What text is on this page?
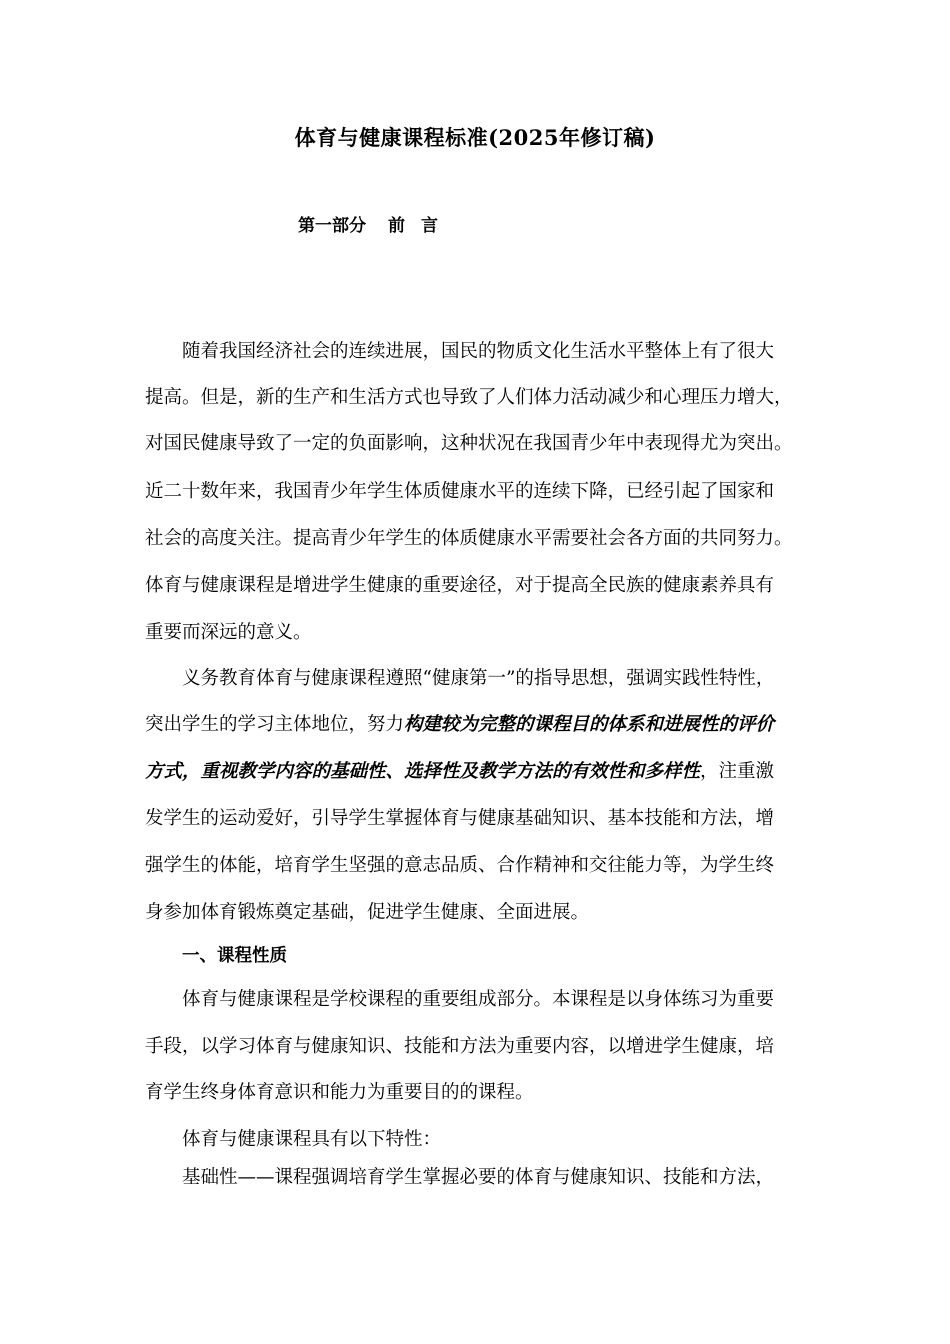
体育与健康课程标准(2025年修订稿)
第一部分 前 言

随着我国经济社会的连续进展，国民的物质文化生活水平整体上有了很大

提高。但是，新的生产和生活方式也导致了人们体力活动减少和心理压力增大，

对国民健康导致了一定的负面影响，这种状况在我国青少年中表现得尤为突出。

近二十数年来，我国青少年学生体质健康水平的连续下降，已经引起了国家和

社会的高度关注。提高青少年学生的体质健康水平需要社会各方面的共同努力。

体育与健康课程是增进学生健康的重要途径，对于提高全民族的健康素养具有

重要而深远的意义。

义务教育体育与健康课程遵照“健康第一”的指导思想，强调实践性特性，

突出学生的学习主体地位，努力构建较为完整的课程目的体系和进展性的评价

方式，重视教学内容的基础性、选择性及教学方法的有效性和多样性，注重激

发学生的运动爱好，引导学生掌握体育与健康基础知识、基本技能和方法，增

强学生的体能，培育学生坚强的意志品质、合作精神和交往能力等，为学生终

身参加体育锻炼奠定基础，促进学生健康、全面进展。

一、课程性质

体育与健康课程是学校课程的重要组成部分。本课程是以身体练习为重要

手段，以学习体育与健康知识、技能和方法为重要内容，以增进学生健康，培

育学生终身体育意识和能力为重要目的的课程。

体育与健康课程具有以下特性：

基础性——课程强调培育学生掌握必要的体育与健康知识、技能和方法，
